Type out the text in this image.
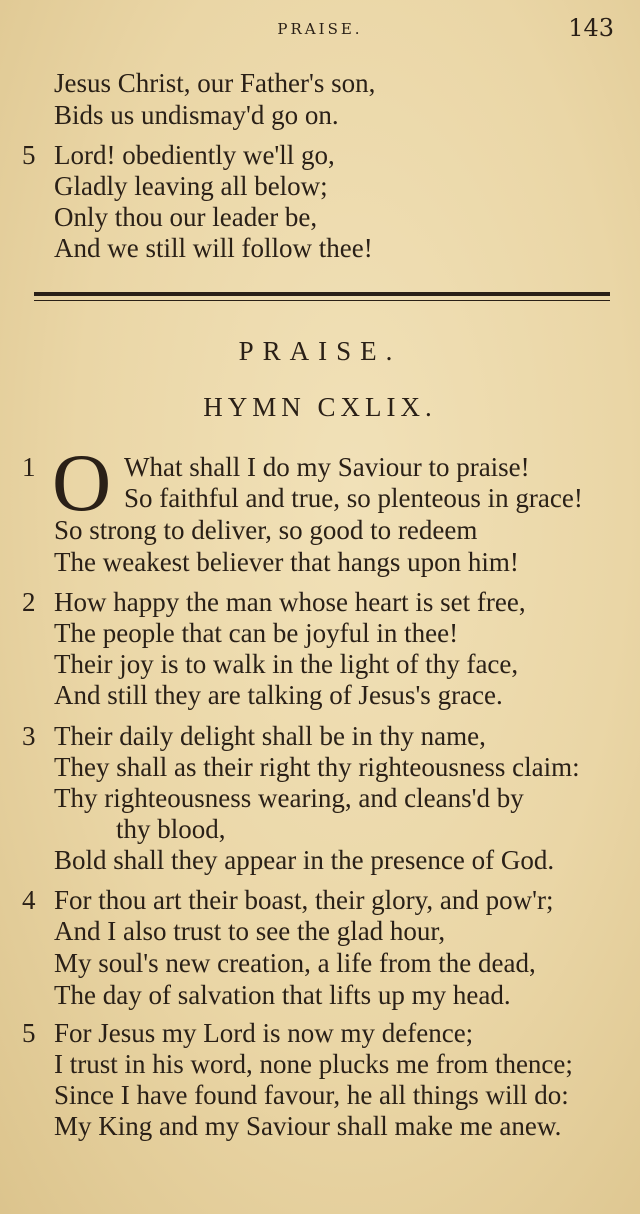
PRAISE.	143
Jesus Christ, our Father's son,
Bids us undismay'd go on.
5 Lord! obediently we'll go,
Gladly leaving all below;
Only thou our leader be,
And we still will follow thee!
PRAISE.
HYMN CXLIX.
1 O What shall I do my Saviour to praise!
So faithful and true, so plenteous in grace!
So strong to deliver, so good to redeem
The weakest believer that hangs upon him!
2 How happy the man whose heart is set free,
The people that can be joyful in thee!
Their joy is to walk in the light of thy face,
And still they are talking of Jesus's grace.
3 Their daily delight shall be in thy name,
They shall as their right thy righteousness claim:
Thy righteousness wearing, and cleans'd by
thy blood,
Bold shall they appear in the presence of God.
4 For thou art their boast, their glory, and pow'r;
And I also trust to see the glad hour,
My soul's new creation, a life from the dead,
The day of salvation that lifts up my head.
5 For Jesus my Lord is now my defence;
I trust in his word, none plucks me from thence;
Since I have found favour, he all things will do:
My King and my Saviour shall make me anew.
